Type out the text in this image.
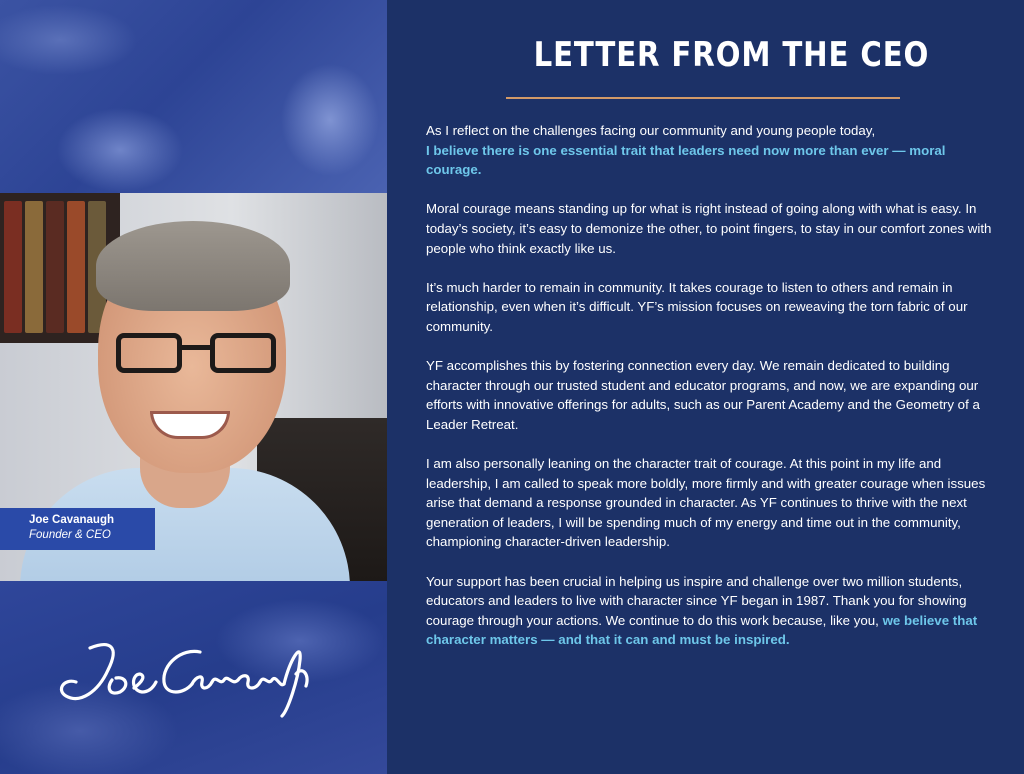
Joe Cavanaugh
Founder & CEO
LETTER FROM THE CEO

As I reflect on the challenges facing our community and young people today,
I believe there is one essential trait that leaders need now more than ever — moral courage.

Moral courage means standing up for what is right instead of going along with what is easy. In today’s society, it’s easy to demonize the other, to point fingers, to stay in our comfort zones with people who think exactly like us.

It’s much harder to remain in community. It takes courage to listen to others and remain in relationship, even when it’s difficult. YF’s mission focuses on reweaving the torn fabric of our community.

YF accomplishes this by fostering connection every day. We remain dedicated to building character through our trusted student and educator programs, and now, we are expanding our efforts with innovative offerings for adults, such as our Parent Academy and the Geometry of a Leader Retreat.

I am also personally leaning on the character trait of courage. At this point in my life and leadership, I am called to speak more boldly, more firmly and with greater courage when issues arise that demand a response grounded in character. As YF continues to thrive with the next generation of leaders, I will be spending much of my energy and time out in the community, championing character-driven leadership.

Your support has been crucial in helping us inspire and challenge over two million students, educators and leaders to live with character since YF began in 1987. Thank you for showing courage through your actions. We continue to do this work because, like you, we believe that character matters — and that it can and must be inspired.
